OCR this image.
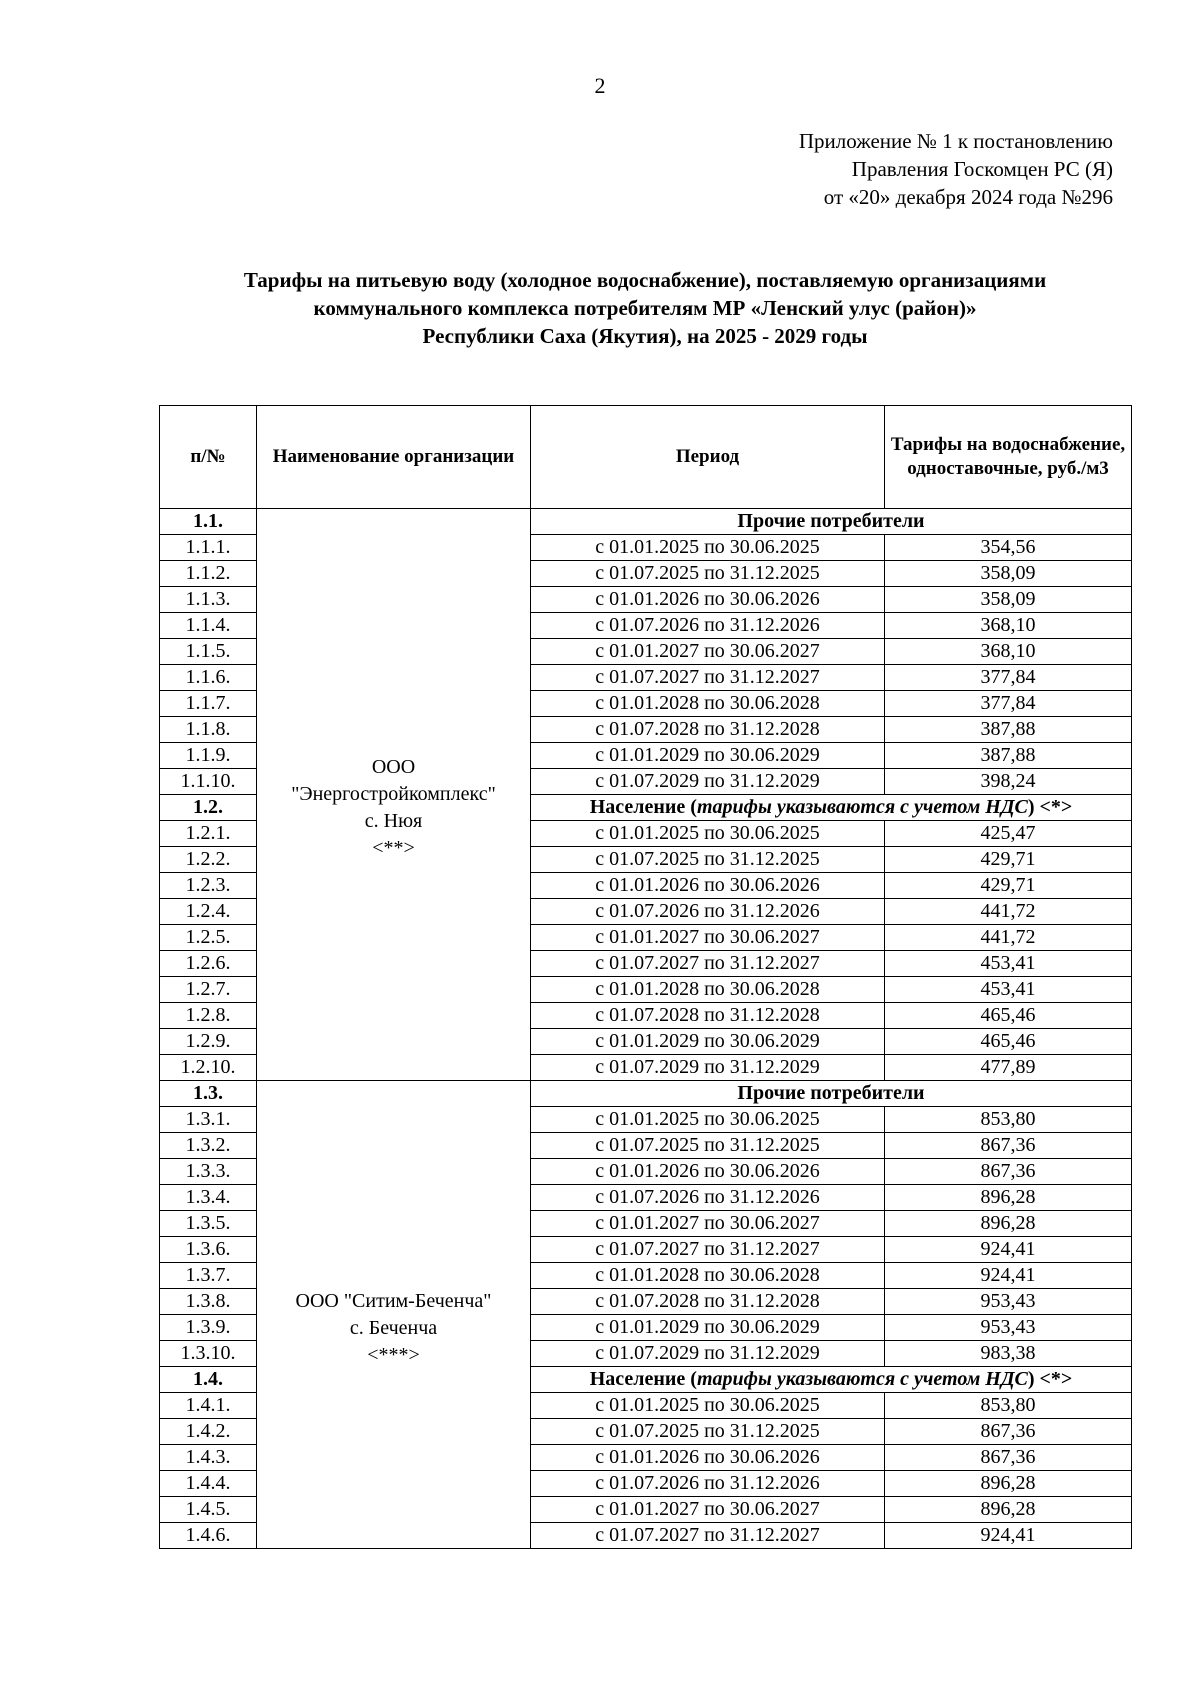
2
Приложение № 1 к постановлению
Правления Госкомцен РС (Я)
от «20» декабря 2024 года №296
Тарифы на питьевую воду (холодное водоснабжение), поставляемую организациями
коммунального комплекса потребителям МР «Ленский улус (район)»
Республики Саха (Якутия), на 2025 - 2029 годы
п/№	Наименование организации	Период	Тарифы на водоснабжение, одноставочные, руб./м3
1.1.	ООО
"Энергостройкомплекс"
с. Нюя
<**>	Прочие потребители	
1.1.1.		с 01.01.2025 по 30.06.2025	354,56
1.1.2.		с 01.07.2025 по 31.12.2025	358,09
1.1.3.		с 01.01.2026 по 30.06.2026	358,09
1.1.4.		с 01.07.2026 по 31.12.2026	368,10
1.1.5.		с 01.01.2027 по 30.06.2027	368,10
1.1.6.		с 01.07.2027 по 31.12.2027	377,84
1.1.7.		с 01.01.2028 по 30.06.2028	377,84
1.1.8.		с 01.07.2028 по 31.12.2028	387,88
1.1.9.		с 01.01.2029 по 30.06.2029	387,88
1.1.10.		с 01.07.2029 по 31.12.2029	398,24
1.2.		Население (тарифы указываются с учетом НДС) <*>	
1.2.1.		с 01.01.2025 по 30.06.2025	425,47
1.2.2.		с 01.07.2025 по 31.12.2025	429,71
1.2.3.		с 01.01.2026 по 30.06.2026	429,71
1.2.4.		с 01.07.2026 по 31.12.2026	441,72
1.2.5.		с 01.01.2027 по 30.06.2027	441,72
1.2.6.		с 01.07.2027 по 31.12.2027	453,41
1.2.7.		с 01.01.2028 по 30.06.2028	453,41
1.2.8.		с 01.07.2028 по 31.12.2028	465,46
1.2.9.		с 01.01.2029 по 30.06.2029	465,46
1.2.10.		с 01.07.2029 по 31.12.2029	477,89
1.3.	ООО "Ситим-Беченча"
с. Беченча
<***>	Прочие потребители	
1.3.1.		с 01.01.2025 по 30.06.2025	853,80
1.3.2.		с 01.07.2025 по 31.12.2025	867,36
1.3.3.		с 01.01.2026 по 30.06.2026	867,36
1.3.4.		с 01.07.2026 по 31.12.2026	896,28
1.3.5.		с 01.01.2027 по 30.06.2027	896,28
1.3.6.		с 01.07.2027 по 31.12.2027	924,41
1.3.7.		с 01.01.2028 по 30.06.2028	924,41
1.3.8.		с 01.07.2028 по 31.12.2028	953,43
1.3.9.		с 01.01.2029 по 30.06.2029	953,43
1.3.10.		с 01.07.2029 по 31.12.2029	983,38
1.4.		Население (тарифы указываются с учетом НДС) <*>	
1.4.1.		с 01.01.2025 по 30.06.2025	853,80
1.4.2.		с 01.07.2025 по 31.12.2025	867,36
1.4.3.		с 01.01.2026 по 30.06.2026	867,36
1.4.4.		с 01.07.2026 по 31.12.2026	896,28
1.4.5.		с 01.01.2027 по 30.06.2027	896,28
1.4.6.		с 01.07.2027 по 31.12.2027	924,41
